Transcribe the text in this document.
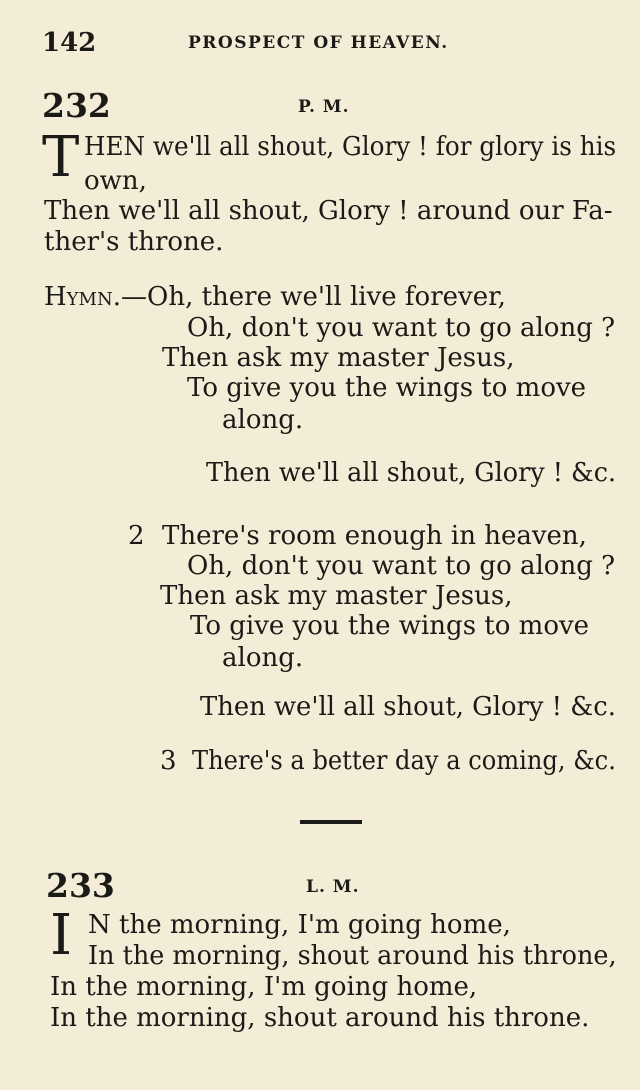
142	PROSPECT OF HEAVEN.
232	P. M.
T HEN we'll all shout, Glory ! for glory is his
own,
Then we'll all shout, Glory ! around our Fa-
ther's throne.
Hymn.—Oh, there we'll live forever,
Oh, don't you want to go along ?
Then ask my master Jesus,
To give you the wings to move
along.
Then we'll all shout, Glory ! &c.
2 There's room enough in heaven,
Oh, don't you want to go along ?
Then ask my master Jesus,
To give you the wings to move
along.
Then we'll all shout, Glory ! &c.
3 There's a better day a coming, &c.
233	L. M.
I N the morning, I'm going home,
In the morning, shout around his throne,
In the morning, I'm going home,
In the morning, shout around his throne.
